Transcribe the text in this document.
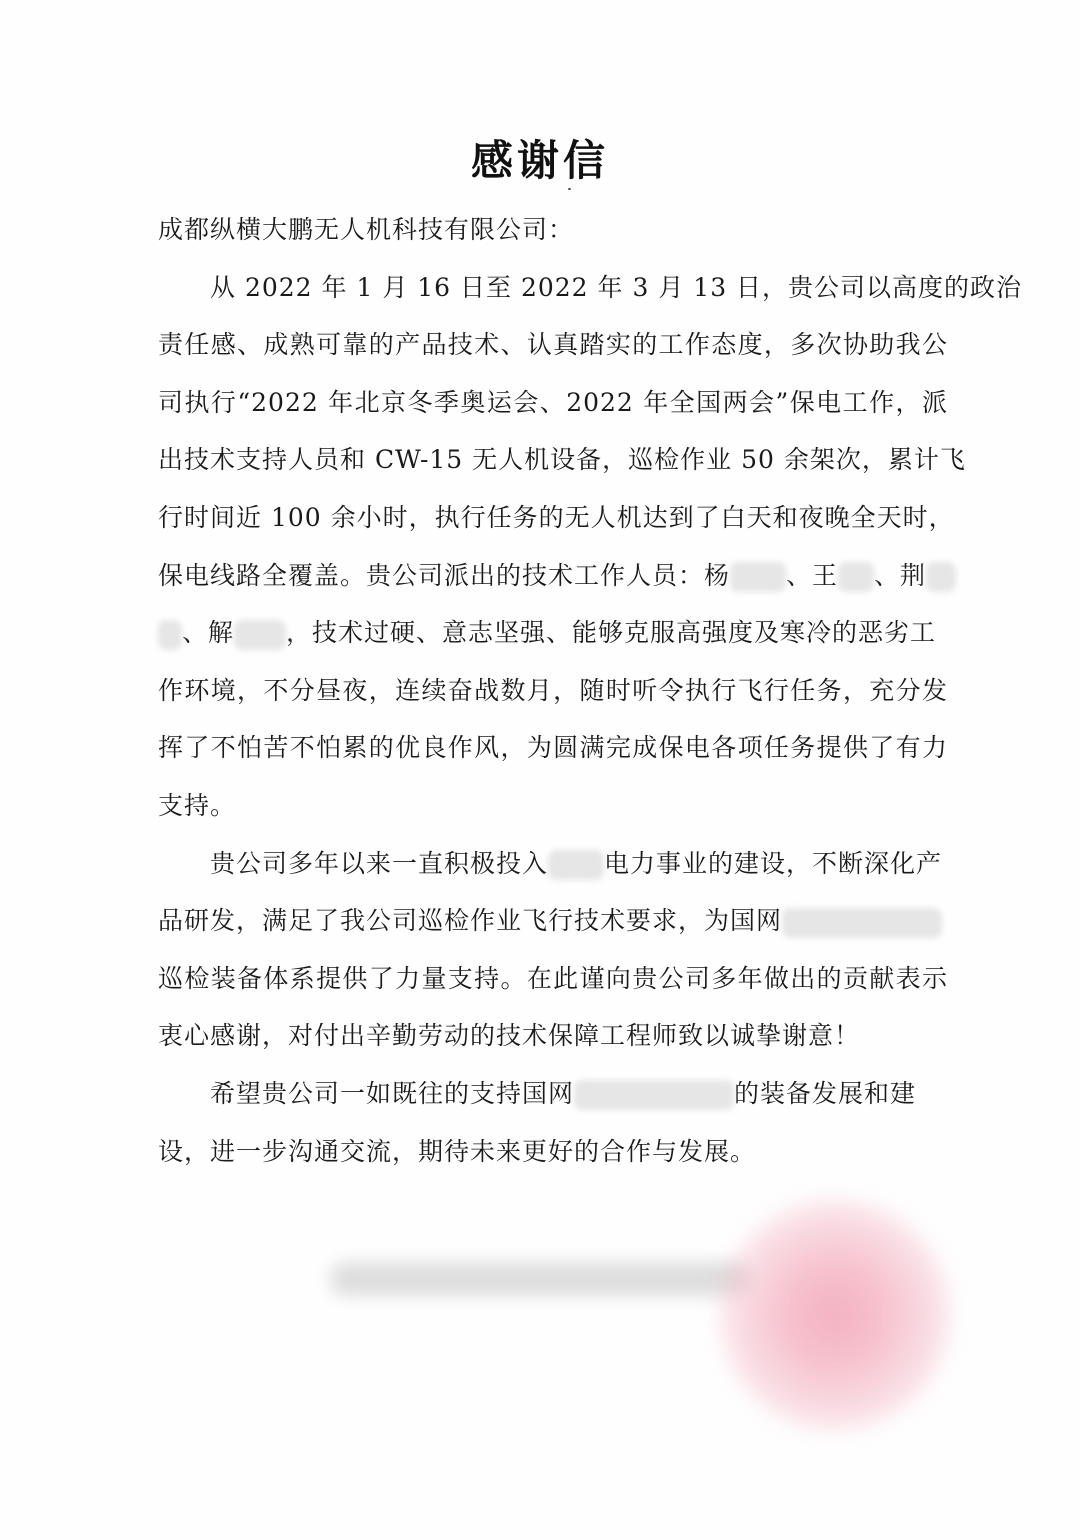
感谢信
成都纵横大鹏无人机科技有限公司：
从 2022 年 1 月 16 日至 2022 年 3 月 13 日，贵公司以高度的政治
责任感、成熟可靠的产品技术、认真踏实的工作态度，多次协助我公
司执行“2022 年北京冬季奥运会、2022 年全国两会”保电工作，派
出技术支持人员和 CW-15 无人机设备，巡检作业 50 余架次，累计飞
行时间近 100 余小时，执行任务的无人机达到了白天和夜晚全天时，
保电线路全覆盖。贵公司派出的技术工作人员：杨 、王 、荆
、解 ，技术过硬、意志坚强、能够克服高强度及寒冷的恶劣工
作环境，不分昼夜，连续奋战数月，随时听令执行飞行任务，充分发
挥了不怕苦不怕累的优良作风，为圆满完成保电各项任务提供了有力
支持。
贵公司多年以来一直积极投入 电力事业的建设，不断深化产
品研发，满足了我公司巡检作业飞行技术要求，为国网
巡检装备体系提供了力量支持。在此谨向贵公司多年做出的贡献表示
衷心感谢，对付出辛勤劳动的技术保障工程师致以诚挚谢意！
希望贵公司一如既往的支持国网	的装备发展和建
设，进一步沟通交流，期待未来更好的合作与发展。
